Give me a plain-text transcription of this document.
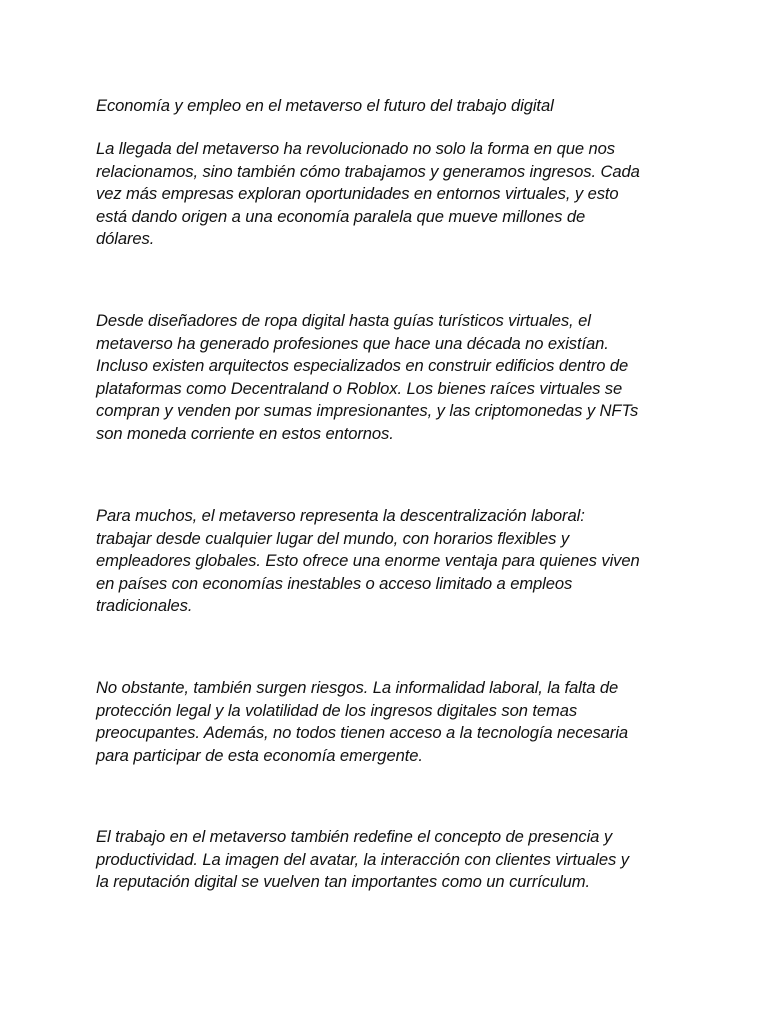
Economía y empleo en el metaverso el futuro del trabajo digital

La llegada del metaverso ha revolucionado no solo la forma en que nos
relacionamos, sino también cómo trabajamos y generamos ingresos. Cada
vez más empresas exploran oportunidades en entornos virtuales, y esto
está dando origen a una economía paralela que mueve millones de
dólares.

Desde diseñadores de ropa digital hasta guías turísticos virtuales, el
metaverso ha generado profesiones que hace una década no existían.
Incluso existen arquitectos especializados en construir edificios dentro de
plataformas como Decentraland o Roblox. Los bienes raíces virtuales se
compran y venden por sumas impresionantes, y las criptomonedas y NFTs
son moneda corriente en estos entornos.

Para muchos, el metaverso representa la descentralización laboral:
trabajar desde cualquier lugar del mundo, con horarios flexibles y
empleadores globales. Esto ofrece una enorme ventaja para quienes viven
en países con economías inestables o acceso limitado a empleos
tradicionales.

No obstante, también surgen riesgos. La informalidad laboral, la falta de
protección legal y la volatilidad de los ingresos digitales son temas
preocupantes. Además, no todos tienen acceso a la tecnología necesaria
para participar de esta economía emergente.

El trabajo en el metaverso también redefine el concepto de presencia y
productividad. La imagen del avatar, la interacción con clientes virtuales y
la reputación digital se vuelven tan importantes como un currículum.
